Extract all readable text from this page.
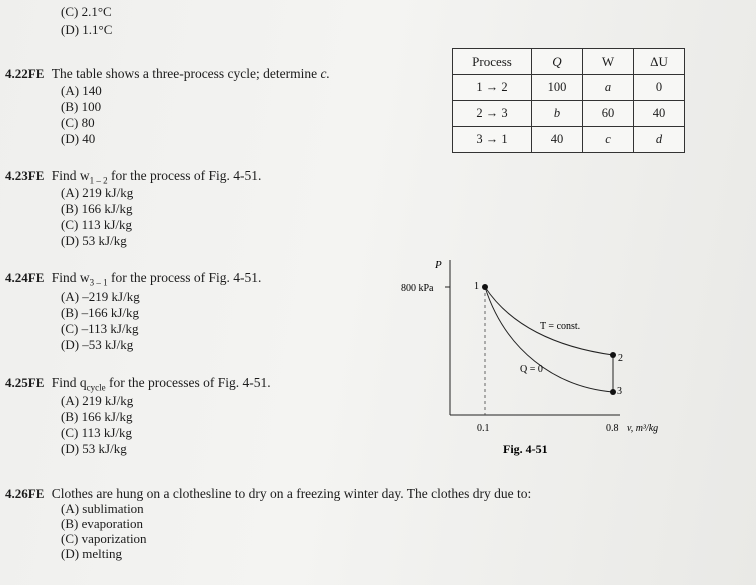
(C) 2.1°C
(D) 1.1°C
4.22FE The table shows a three-process cycle; determine c.
(A) 140
(B) 100
(C) 80
(D) 40
Process	Q	W	ΔU
1 → 2	100	a	0
2 → 3	b	60	40
3 → 1	40	c	d
4.23FE Find $w_{1 - 2}$ for the process of Fig. 4-51.
(A) 219 kJ/kg
(B) 166 kJ/kg
(C) 113 kJ/kg
(D) 53 kJ/kg
4.24FE Find $w_{3 - 1}$ for the process of Fig. 4-51.
(A) –219 kJ/kg
(B) –166 kJ/kg
(C) –113 kJ/kg
(D) –53 kJ/kg
4.25FE Find $q_{cycle}$ for the processes of Fig. 4-51.
(A) 219 kJ/kg
(B) 166 kJ/kg
(C) 113 kJ/kg
(D) 53 kJ/kg
4.26FE Clothes are hung on a clothesline to dry on a freezing winter day. The clothes dry due to:
(A) sublimation
(B) evaporation
(C) vaporization
(D) melting
P
800 kPa	1
2
3
T = const.
Q = 0
0.1	0.8 v, m³/kg
Fig. 4-51
